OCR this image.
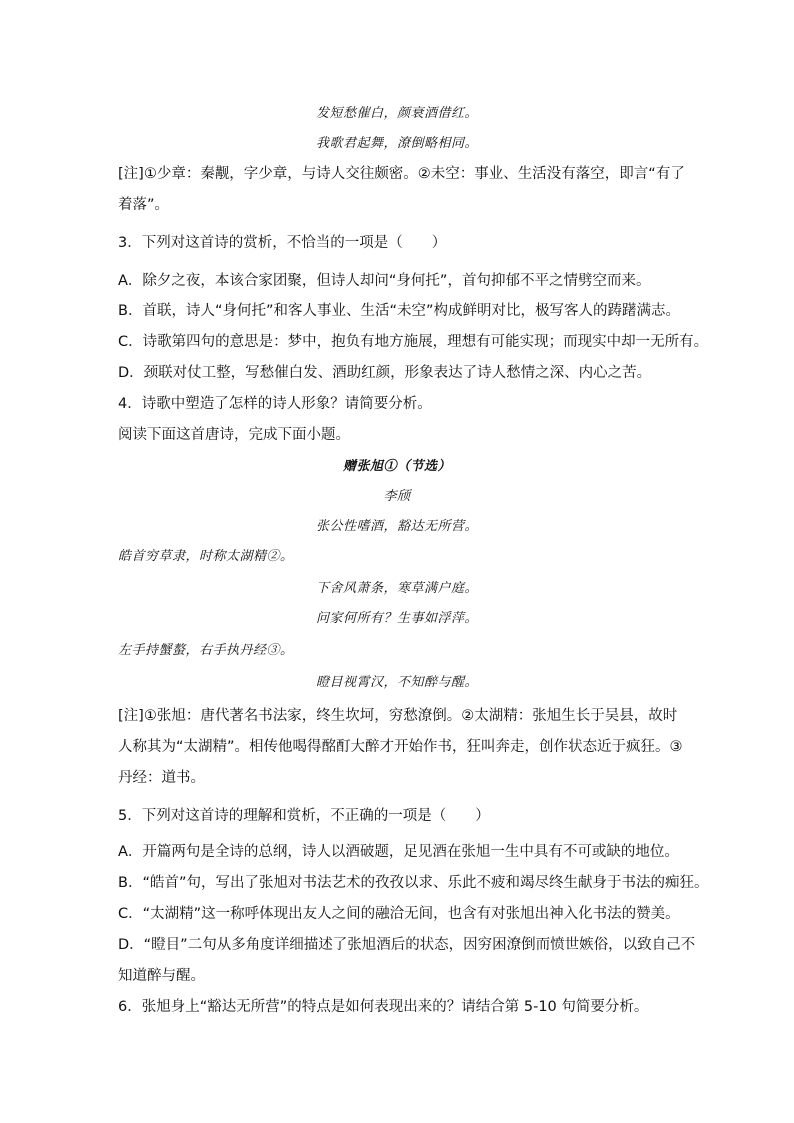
发短愁催白，颜衰酒借红。
我歌君起舞，潦倒略相同。
[注]①少章：秦觏，字少章，与诗人交往颇密。②未空：事业、生活没有落空，即言“有了
着落”。
3．下列对这首诗的赏析，不恰当的一项是（　　）
A．除夕之夜，本该合家团聚，但诗人却问“身何托”，首句抑郁不平之情劈空而来。
B．首联，诗人“身何托”和客人事业、生活“未空”构成鲜明对比，极写客人的踌躇满志。
C．诗歌第四句的意思是：梦中，抱负有地方施展，理想有可能实现；而现实中却一无所有。
D．颈联对仗工整，写愁催白发、酒助红颜，形象表达了诗人愁情之深、内心之苦。
4．诗歌中塑造了怎样的诗人形象？请简要分析。
阅读下面这首唐诗，完成下面小题。
赠张旭①（节选）
李颀
张公性嗜酒，豁达无所营。
皓首穷草隶，时称太湖精②。
下舍风萧条，寒草满户庭。
问家何所有？生事如浮萍。
左手持蟹螯，右手执丹经③。
瞪目视霄汉，不知醉与醒。
[注]①张旭：唐代著名书法家，终生坎坷，穷愁潦倒。②太湖精：张旭生长于吴县，故时
人称其为“太湖精”。相传他喝得酩酊大醉才开始作书，狂叫奔走，创作状态近于疯狂。③
丹经：道书。
5．下列对这首诗的理解和赏析，不正确的一项是（　　）
A．开篇两句是全诗的总纲，诗人以酒破题，足见酒在张旭一生中具有不可或缺的地位。
B．“皓首”句，写出了张旭对书法艺术的孜孜以求、乐此不疲和竭尽终生献身于书法的痴狂。
C．“太湖精”这一称呼体现出友人之间的融洽无间，也含有对张旭出神入化书法的赞美。
D．“瞪目”二句从多角度详细描述了张旭酒后的状态，因穷困潦倒而愤世嫉俗，以致自己不
知道醉与醒。
6．张旭身上“豁达无所营”的特点是如何表现出来的？请结合第 5-10 句简要分析。
